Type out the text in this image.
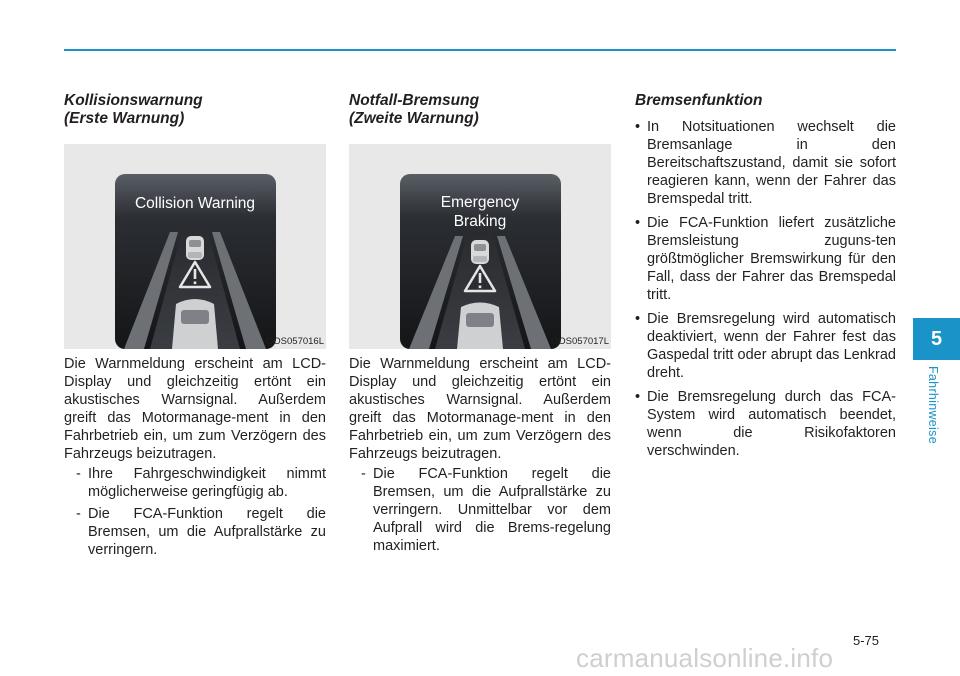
Kollisionswarnung
(Erste Warnung)
Collision Warning
OOS057016L

Die Warnmeldung erscheint am LCD-Display und gleichzeitig ertönt ein akustisches Warnsignal. Außerdem greift das Motormanage-ment in den Fahrbetrieb ein, um zum Verzögern des Fahrzeugs beizutragen.

- Ihre Fahrgeschwindigkeit nimmt möglicherweise geringfügig ab.
- Die FCA-Funktion regelt die Bremsen, um die Aufprallstärke zu verringern.
Notfall-Bremsung
(Zweite Warnung)
Emergency
Braking
OOS057017L

Die Warnmeldung erscheint am LCD-Display und gleichzeitig ertönt ein akustisches Warnsignal. Außerdem greift das Motormanage-ment in den Fahrbetrieb ein, um zum Verzögern des Fahrzeugs beizutragen.

- Die FCA-Funktion regelt die Bremsen, um die Aufprallstärke zu verringern. Unmittelbar vor dem Aufprall wird die Brems-regelung maximiert.
Bremsenfunktion
• In Notsituationen wechselt die Bremsanlage in den Bereitschaftszustand, damit sie sofort reagieren kann, wenn der Fahrer das Bremspedal tritt.
• Die FCA-Funktion liefert zusätzliche Bremsleistung zuguns-ten größtmöglicher Bremswirkung für den Fall, dass der Fahrer das Bremspedal tritt.
• Die Bremsregelung wird automatisch deaktiviert, wenn der Fahrer fest das Gaspedal tritt oder abrupt das Lenkrad dreht.
• Die Bremsregelung durch das FCA-System wird automatisch beendet, wenn die Risikofaktoren verschwinden.
5
Fahrhinweise
5-75
carmanualsonline.info
